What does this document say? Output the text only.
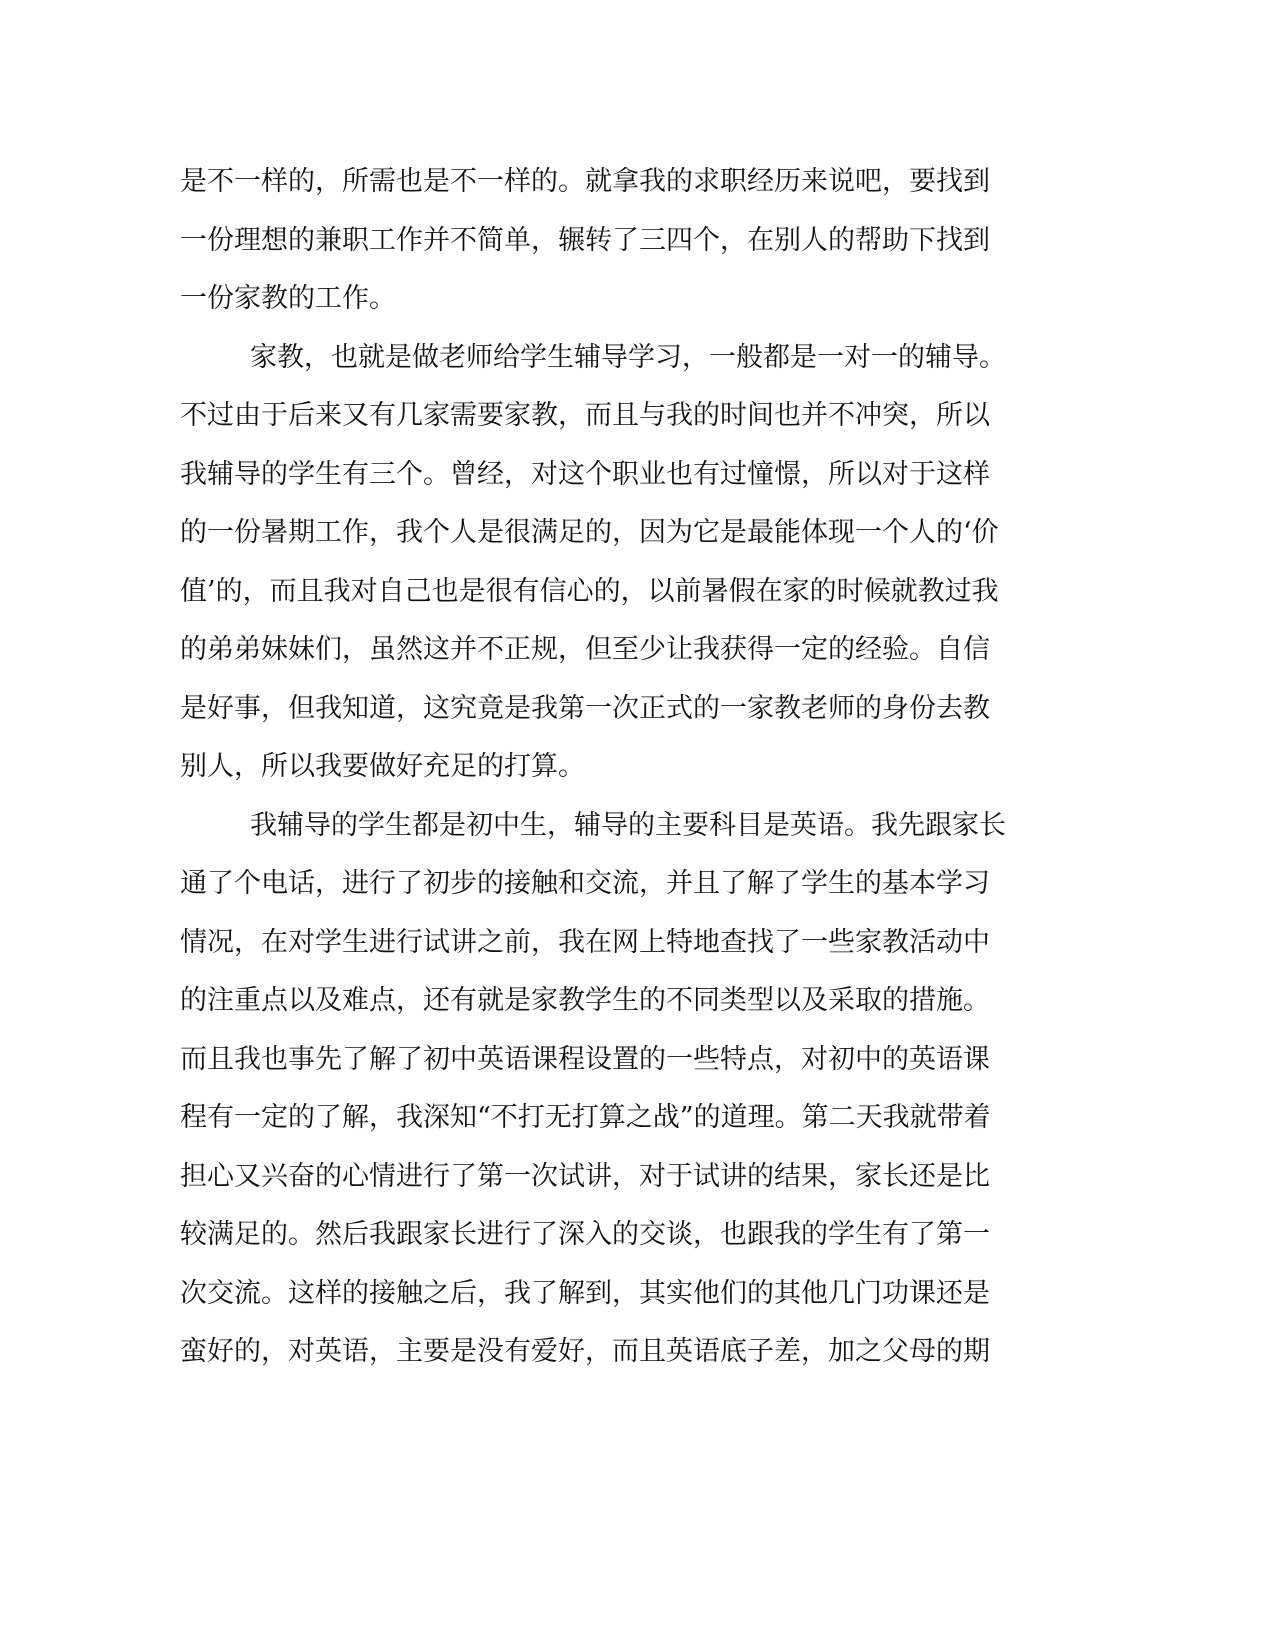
是不一样的，所需也是不一样的。就拿我的求职经历来说吧，要找到

一份理想的兼职工作并不简单，辗转了三四个，在别人的帮助下找到

一份家教的工作。

家教，也就是做老师给学生辅导学习，一般都是一对一的辅导。

不过由于后来又有几家需要家教，而且与我的时间也并不冲突，所以

我辅导的学生有三个。曾经，对这个职业也有过憧憬，所以对于这样

的一份暑期工作，我个人是很满足的，因为它是最能体现一个人的‘价

值’的，而且我对自己也是很有信心的，以前暑假在家的时候就教过我

的弟弟妹妹们，虽然这并不正规，但至少让我获得一定的经验。自信

是好事，但我知道，这究竟是我第一次正式的一家教老师的身份去教

别人，所以我要做好充足的打算。

我辅导的学生都是初中生，辅导的主要科目是英语。我先跟家长

通了个电话，进行了初步的接触和交流，并且了解了学生的基本学习

情况，在对学生进行试讲之前，我在网上特地查找了一些家教活动中

的注重点以及难点，还有就是家教学生的不同类型以及采取的措施。

而且我也事先了解了初中英语课程设置的一些特点，对初中的英语课

程有一定的了解，我深知“不打无打算之战”的道理。第二天我就带着

担心又兴奋的心情进行了第一次试讲，对于试讲的结果，家长还是比

较满足的。然后我跟家长进行了深入的交谈，也跟我的学生有了第一

次交流。这样的接触之后，我了解到，其实他们的其他几门功课还是

蛮好的，对英语，主要是没有爱好，而且英语底子差，加之父母的期
